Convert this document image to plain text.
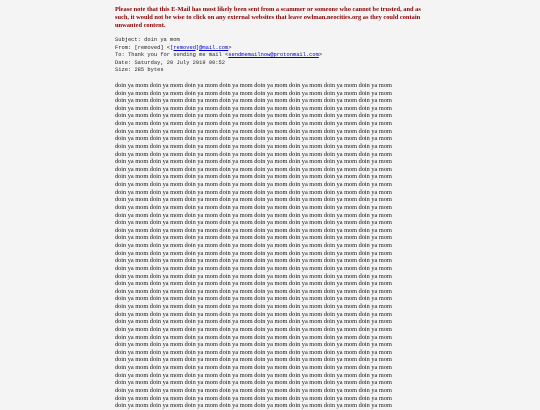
Please note that this E-Mail has most likely been sent from a scammer or someone who cannot be trusted, and as such, it would not be wise to click on any external websites that leave owlman.neocities.org as they could contain unwanted content.

Subject: doin ya mom
From: [removed] <[removed]@mail.com>
To: Thank you for sending me mail <sendmemailnow@protonmail.com>
Date: Saturday, 20 July 2019 00:52
Size: 285 bytes
doin ya mom doin ya mom doin ya mom doin ya mom doin ya mom doin ya mom doin ya mom doin ya mom
doin ya mom doin ya mom doin ya mom doin ya mom doin ya mom doin ya mom doin ya mom doin ya mom
doin ya mom doin ya mom doin ya mom doin ya mom doin ya mom doin ya mom doin ya mom doin ya mom
doin ya mom doin ya mom doin ya mom doin ya mom doin ya mom doin ya mom doin ya mom doin ya mom
doin ya mom doin ya mom doin ya mom doin ya mom doin ya mom doin ya mom doin ya mom doin ya mom
doin ya mom doin ya mom doin ya mom doin ya mom doin ya mom doin ya mom doin ya mom doin ya mom
doin ya mom doin ya mom doin ya mom doin ya mom doin ya mom doin ya mom doin ya mom doin ya mom
doin ya mom doin ya mom doin ya mom doin ya mom doin ya mom doin ya mom doin ya mom doin ya mom
doin ya mom doin ya mom doin ya mom doin ya mom doin ya mom doin ya mom doin ya mom doin ya mom
doin ya mom doin ya mom doin ya mom doin ya mom doin ya mom doin ya mom doin ya mom doin ya mom
doin ya mom doin ya mom doin ya mom doin ya mom doin ya mom doin ya mom doin ya mom doin ya mom
doin ya mom doin ya mom doin ya mom doin ya mom doin ya mom doin ya mom doin ya mom doin ya mom
doin ya mom doin ya mom doin ya mom doin ya mom doin ya mom doin ya mom doin ya mom doin ya mom
doin ya mom doin ya mom doin ya mom doin ya mom doin ya mom doin ya mom doin ya mom doin ya mom
doin ya mom doin ya mom doin ya mom doin ya mom doin ya mom doin ya mom doin ya mom doin ya mom
doin ya mom doin ya mom doin ya mom doin ya mom doin ya mom doin ya mom doin ya mom doin ya mom
doin ya mom doin ya mom doin ya mom doin ya mom doin ya mom doin ya mom doin ya mom doin ya mom
doin ya mom doin ya mom doin ya mom doin ya mom doin ya mom doin ya mom doin ya mom doin ya mom
doin ya mom doin ya mom doin ya mom doin ya mom doin ya mom doin ya mom doin ya mom doin ya mom
doin ya mom doin ya mom doin ya mom doin ya mom doin ya mom doin ya mom doin ya mom doin ya mom
doin ya mom doin ya mom doin ya mom doin ya mom doin ya mom doin ya mom doin ya mom doin ya mom
doin ya mom doin ya mom doin ya mom doin ya mom doin ya mom doin ya mom doin ya mom doin ya mom
doin ya mom doin ya mom doin ya mom doin ya mom doin ya mom doin ya mom doin ya mom doin ya mom
doin ya mom doin ya mom doin ya mom doin ya mom doin ya mom doin ya mom doin ya mom doin ya mom
doin ya mom doin ya mom doin ya mom doin ya mom doin ya mom doin ya mom doin ya mom doin ya mom
doin ya mom doin ya mom doin ya mom doin ya mom doin ya mom doin ya mom doin ya mom doin ya mom
doin ya mom doin ya mom doin ya mom doin ya mom doin ya mom doin ya mom doin ya mom doin ya mom
doin ya mom doin ya mom doin ya mom doin ya mom doin ya mom doin ya mom doin ya mom doin ya mom
doin ya mom doin ya mom doin ya mom doin ya mom doin ya mom doin ya mom doin ya mom doin ya mom
doin ya mom doin ya mom doin ya mom doin ya mom doin ya mom doin ya mom doin ya mom doin ya mom
doin ya mom doin ya mom doin ya mom doin ya mom doin ya mom doin ya mom doin ya mom doin ya mom
doin ya mom doin ya mom doin ya mom doin ya mom doin ya mom doin ya mom doin ya mom doin ya mom
doin ya mom doin ya mom doin ya mom doin ya mom doin ya mom doin ya mom doin ya mom doin ya mom
doin ya mom doin ya mom doin ya mom doin ya mom doin ya mom doin ya mom doin ya mom doin ya mom
doin ya mom doin ya mom doin ya mom doin ya mom doin ya mom doin ya mom doin ya mom doin ya mom
doin ya mom doin ya mom doin ya mom doin ya mom doin ya mom doin ya mom doin ya mom doin ya mom
doin ya mom doin ya mom doin ya mom doin ya mom doin ya mom doin ya mom doin ya mom doin ya mom
doin ya mom doin ya mom doin ya mom doin ya mom doin ya mom doin ya mom doin ya mom doin ya mom
doin ya mom doin ya mom doin ya mom doin ya mom doin ya mom doin ya mom doin ya mom doin ya mom
doin ya mom doin ya mom doin ya mom doin ya mom doin ya mom doin ya mom doin ya mom doin ya mom
doin ya mom doin ya mom doin ya mom doin ya mom doin ya mom doin ya mom doin ya mom doin ya mom
doin ya mom doin ya mom doin ya mom doin ya mom doin ya mom doin ya mom doin ya mom doin ya mom
doin ya mom doin ya mom doin ya mom doin ya mom doin ya mom doin ya mom doin ya mom doin ya mom
